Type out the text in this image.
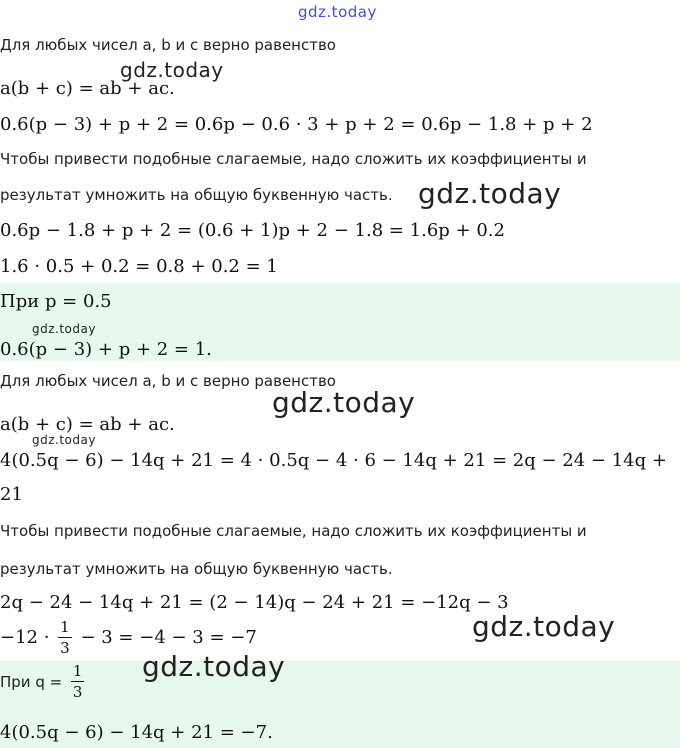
Для любых чисел a, b и c верно равенство
a(b + c) = ab + ac.
0.6(p − 3) + p + 2 = 0.6p − 0.6 · 3 + p + 2 = 0.6p − 1.8 + p + 2
Чтобы привести подобные слагаемые, надо сложить их коэффициенты и
результат умножить на общую буквенную часть.
0.6p − 1.8 + p + 2 = (0.6 + 1)p + 2 − 1.8 = 1.6p + 0.2
1.6 · 0.5 + 0.2 = 0.8 + 0.2 = 1
При p = 0.5
0.6(p − 3) + p + 2 = 1.
Для любых чисел a, b и c верно равенство
a(b + c) = ab + ac.
4(0.5q − 6) − 14q + 21 = 4 · 0.5q − 4 · 6 − 14q + 21 = 2q − 24 − 14q +
21
Чтобы привести подобные слагаемые, надо сложить их коэффициенты и
результат умножить на общую буквенную часть.
2q − 24 − 14q + 21 = (2 − 14)q − 24 + 21 = −12q − 3
$-12 \cdot \frac{1}{3} - 3 = -4 - 3 = -7$
При $q = \frac{1}{3}$
4(0.5q − 6) − 14q + 21 = −7.
gdz.today
gdz.today
gdz.today
gdz.today
gdz.today
gdz.today
gdz.today
gdz.today
